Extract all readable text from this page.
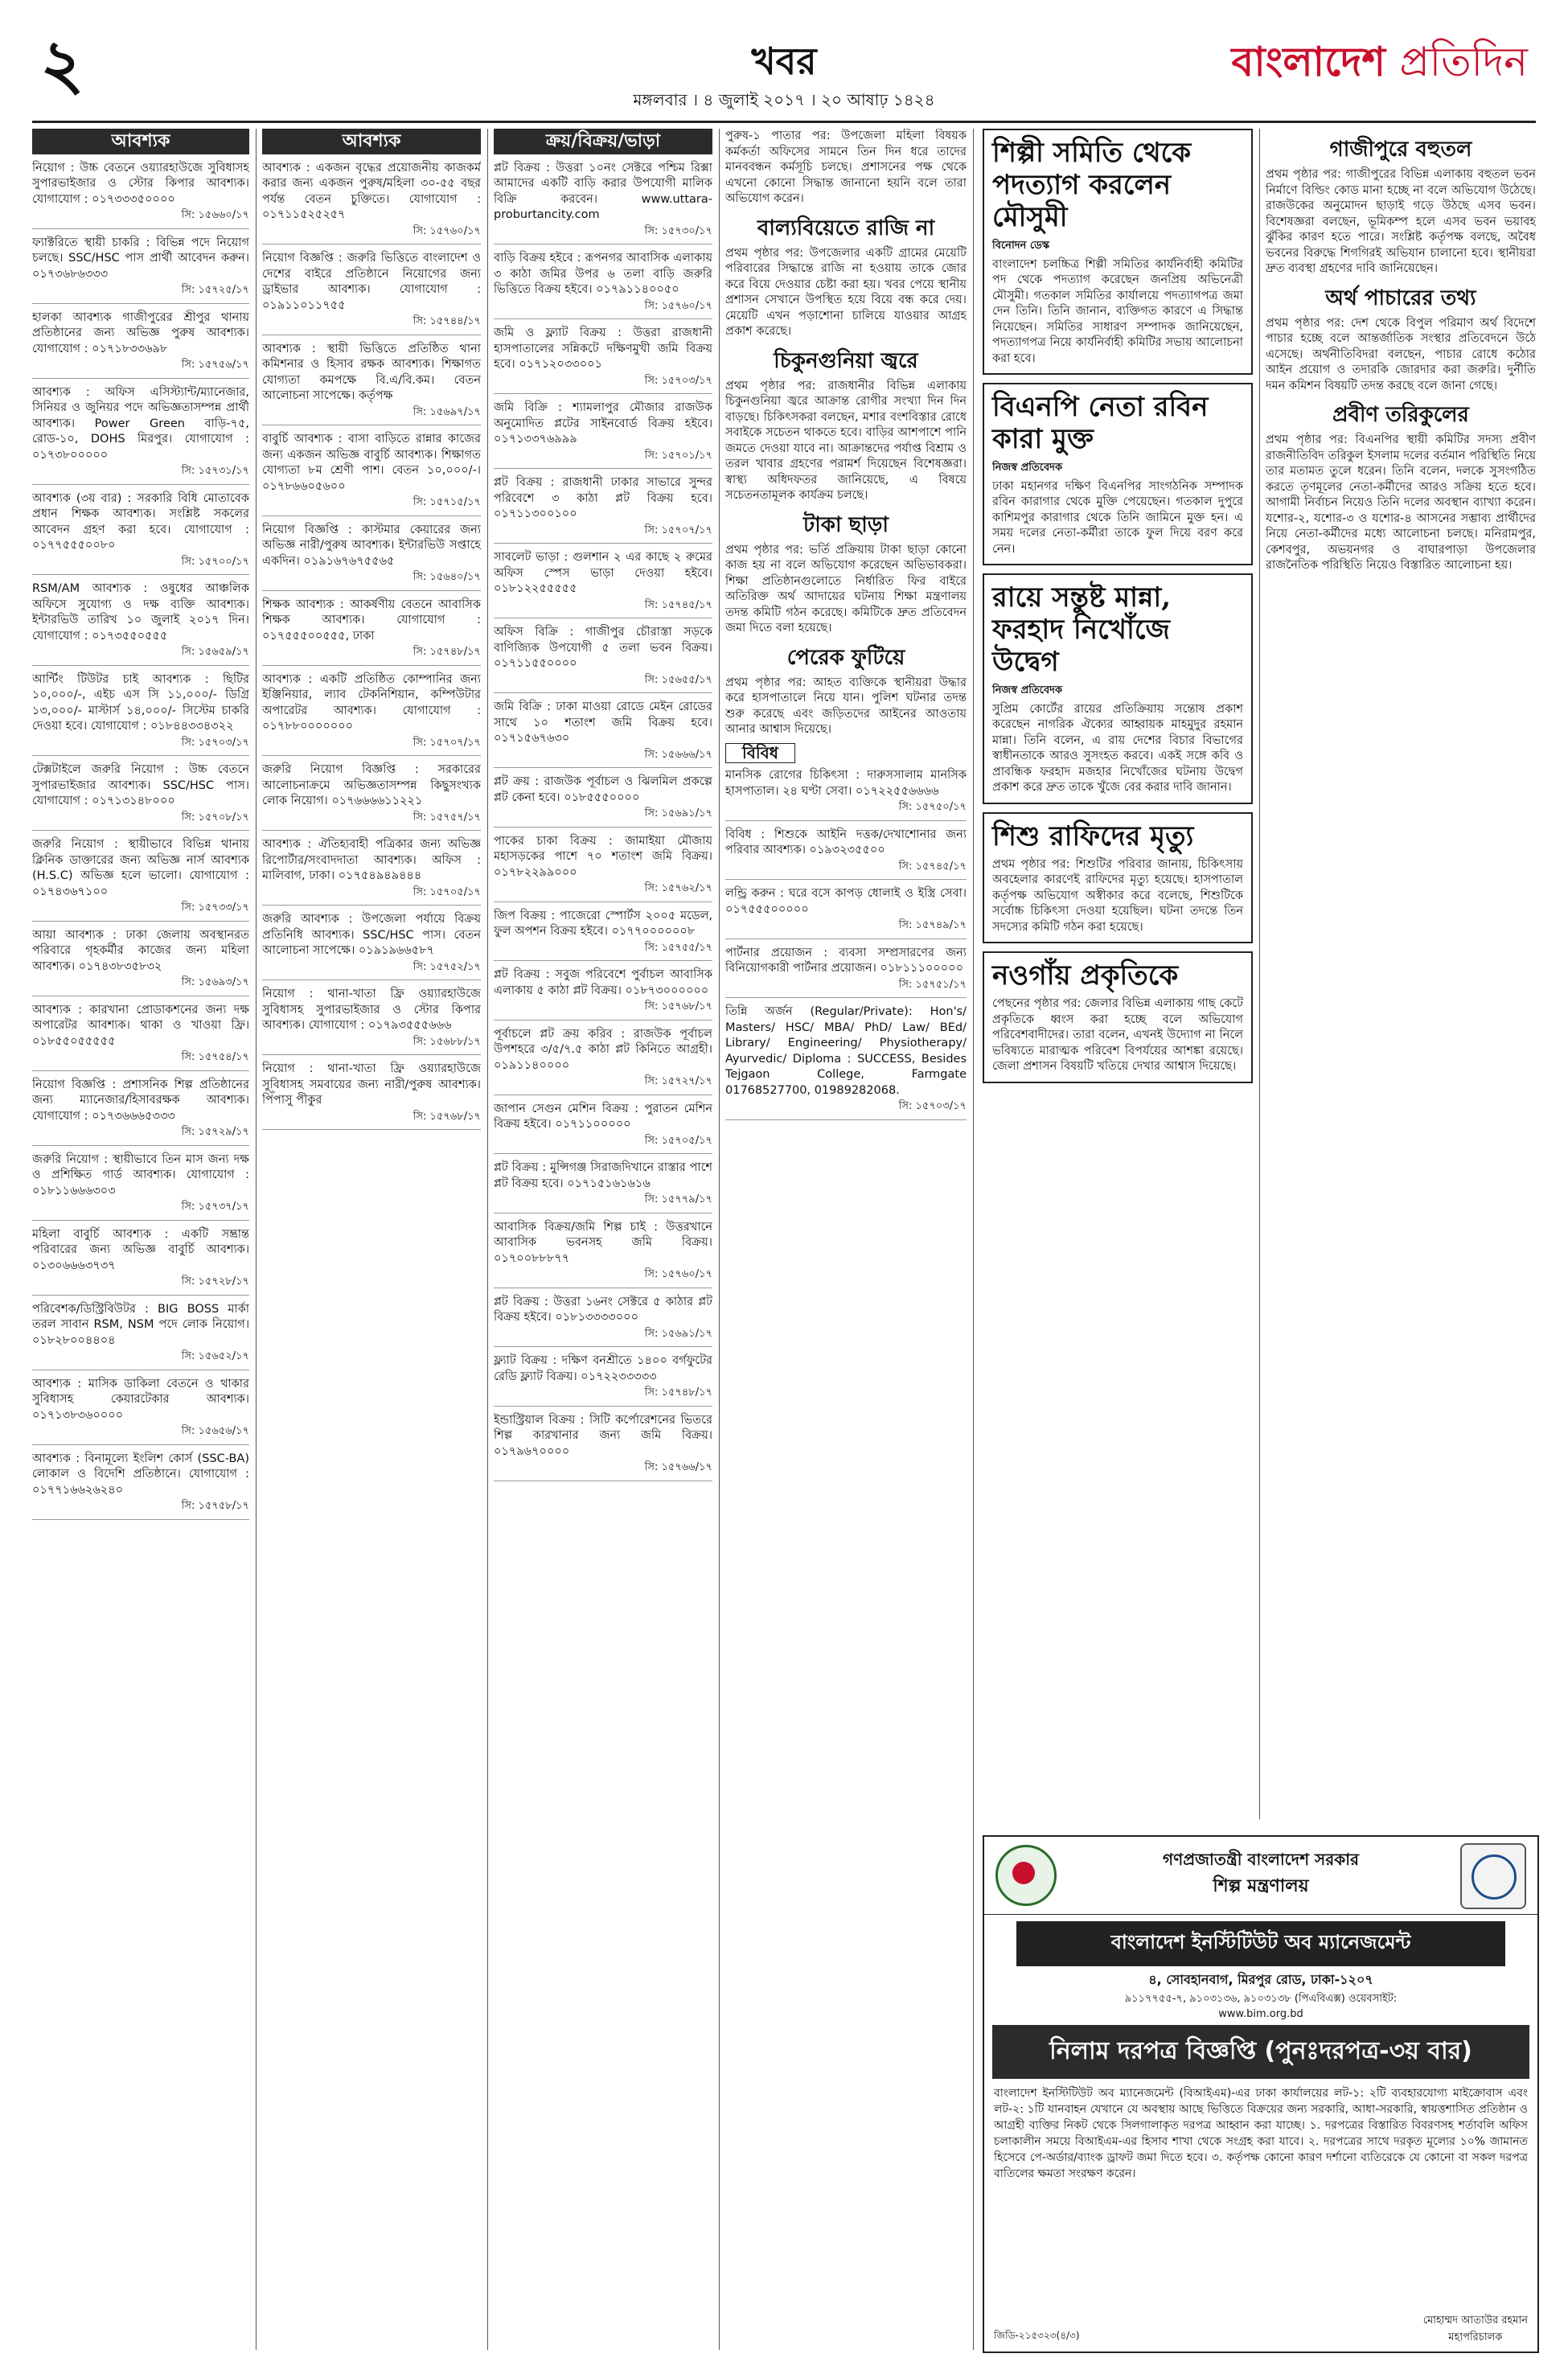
২	খবর
মঙ্গলবার । ৪ জুলাই ২০১৭ । ২০ আষাঢ় ১৪২৪
বাংলাদেশ প্রতিদিন
আবশ্যক
নিয়োগ : উচ্চ বেতনে ওয়্যারহাউজে সুবিধাসহ সুপারভাইজার ও স্টোর কিপার আবশ্যক। যোগাযোগ : ০১৭৩৩৩৫০০০০
সি: ১৫৬৬০/১৭
ফ্যাক্টরিতে স্থায়ী চাকরি : বিভিন্ন পদে নিয়োগ চলছে। SSC/HSC পাস প্রার্থী আবেদন করুন। ০১৭৩৬৮৬৩৩৩
সি: ১৫৭২৫/১৭
হালকা আবশ্যক গাজীপুরের শ্রীপুর থানায় প্রতিষ্ঠানের জন্য অভিজ্ঞ পুরুষ আবশ্যক। যোগাযোগ : ০১৭১৮৩৩৬৯৮
সি: ১৫৭৫৬/১৭
আবশ্যক : অফিস এসিস্ট্যান্ট/ম্যানেজার, সিনিয়র ও জুনিয়র পদে অভিজ্ঞতাসম্পন্ন প্রার্থী আবশ্যক। Power Green বাড়ি-৭৫, রোড-১০, DOHS মিরপুর। যোগাযোগ : ০১৭৩৮০০০০০
সি: ১৫৭৩১/১৭
আবশ্যক (৩য় বার) : সরকারি বিধি মোতাবেক প্রধান শিক্ষক আবশ্যক। সংশ্লিষ্ট সকলের আবেদন গ্রহণ করা হবে। যোগাযোগ : ০১৭৭৫৫৫০০৮০
সি: ১৫৭০০/১৭
RSM/AM আবশ্যক : ওষুধের আঞ্চলিক অফিসে সুযোগ্য ও দক্ষ ব্যক্তি আবশ্যক। ইন্টারভিউ তারিখ ১০ জুলাই ২০১৭ দিন। যোগাযোগ : ০১৭৩৫৫০৫৫৫
সি: ১৫৬৫৯/১৭
আর্ন্টিং টিউটর চাই আবশ্যক : ছিটির ১০,০০০/-, এইচ এস সি ১১,০০০/- ডিগ্রি ১৩,০০০/- মাস্টার্স ১৪,০০০/- সিস্টেম চাকরি দেওয়া হবে। যোগাযোগ : ০১৮৪৪৩৩৪৩২২
সি: ১৫৭০৩/১৭
টেক্সটাইলে জরুরি নিয়োগ : উচ্চ বেতনে সুপারভাইজার আবশ্যক। SSC/HSC পাস। যোগাযোগ : ০১৭১৩১৪৮০০০
সি: ১৫৭০৮/১৭
জরুরি নিয়োগ : স্থায়ীভাবে বিভিন্ন থানায় ক্লিনিক ডাক্তারের জন্য অভিজ্ঞ নার্স আবশ্যক (H.S.C) অভিজ্ঞ হলে ভালো। যোগাযোগ : ০১৭৪৩৬৭১০০
সি: ১৫৭৩৩/১৭
আয়া আবশ্যক : ঢাকা জেলায় অবস্থানরত পরিবারে গৃহকর্মীর কাজের জন্য মহিলা আবশ্যক। ০১৭৪৩৮৩৫৮৩২
সি: ১৫৬৯৩/১৭
আবশ্যক : কারখানা প্রোডাকশনের জন্য দক্ষ অপারেটর আবশ্যক। থাকা ও খাওয়া ফ্রি। ০১৮৫৫০৫৫৫৫৫
সি: ১৫৭৫৪/১৭
নিয়োগ বিজ্ঞপ্তি : প্রশাসনিক শিল্প প্রতিষ্ঠানের জন্য ম্যানেজার/হিসাবরক্ষক আবশ্যক। যোগাযোগ : ০১৭৩৬৬৬৫৩৩৩
সি: ১৫৭২৯/১৭
জরুরি নিয়োগ : স্থায়ীভাবে তিন মাস জন্য দক্ষ ও প্রশিক্ষিত গার্ড আবশ্যক। যোগাযোগ : ০১৮১১৬৬৬৩০৩
সি: ১৫৭৩৭/১৭
মহিলা বাবুর্চি আবশ্যক : একটি সম্ভ্রান্ত পরিবারের জন্য অভিজ্ঞ বাবুর্চি আবশ্যক। ০১৩০৬৬৬৩৭৩৭
সি: ১৫৭২৮/১৭
পরিবেশক/ডিস্ট্রিবিউটর : BIG BOSS মার্কা তরল সাবান RSM, NSM পদে লোক নিয়োগ। ০১৮২৮০০৪৪০৪
সি: ১৫৬৫২/১৭
আবশ্যক : মাসিক ডাকিলা বেতনে ও থাকার সুবিধাসহ কেয়ারটেকার আবশ্যক। ০১৭১৩৮৩৬০০০০
সি: ১৫৬৫৬/১৭
আবশ্যক : বিনামূল্যে ইংলিশ কোর্স (SSC-BA) লোকাল ও বিদেশি প্রতিষ্ঠানে। যোগাযোগ : ০১৭৭১৬৬২৬২৪০
সি: ১৫৭৫৮/১৭
আবশ্যক
আবশ্যক : একজন বৃদ্ধের প্রয়োজনীয় কাজকর্ম করার জন্য একজন পুরুষ/মহিলা ৩০-৫৫ বছর পর্যন্ত বেতন চুক্তিতে। যোগাযোগ : ০১৭১১৫২৫২৫৭
সি: ১৫৭৬০/১৭
নিয়োগ বিজ্ঞপ্তি : জরুরি ভিত্তিতে বাংলাদেশ ও দেশের বাইরে প্রতিষ্ঠানে নিয়োগের জন্য ড্রাইভার আবশ্যক। যোগাযোগ : ০১৯১১০১১৭৫৫
সি: ১৫৭৪৪/১৭
আবশ্যক : স্থায়ী ভিত্তিতে প্রতিষ্ঠিত থানা কমিশনার ও হিসাব রক্ষক আবশ্যক। শিক্ষাগত যোগ্যতা কমপক্ষে বি.এ/বি.কম। বেতন আলোচনা সাপেক্ষে। কর্তৃপক্ষ
সি: ১৫৬৯৭/১৭
বাবুর্চি আবশ্যক : বাসা বাড়িতে রান্নার কাজের জন্য একজন অভিজ্ঞ বাবুর্চি আবশ্যক। শিক্ষাগত যোগ্যতা ৮ম শ্রেণী পাশ। বেতন ১০,০০০/-। ০১৭৮৬৬০৫৬০০
সি: ১৫৭১৫/১৭
নিয়োগ বিজ্ঞপ্তি : কাস্টমার কেয়ারের জন্য অভিজ্ঞ নারী/পুরুষ আবশ্যক। ইন্টারভিউ সপ্তাহে একদিন। ০১৯১৬৭৬৭৫৫৬৫
সি: ১৫৬৪০/১৭
শিক্ষক আবশ্যক : আকর্ষণীয় বেতনে আবাসিক শিক্ষক আবশ্যক। যোগাযোগ : ০১৭৫৫৫০০৫৫৫, ঢাকা
সি: ১৫৭৪৮/১৭
আবশ্যক : একটি প্রতিষ্ঠিত কোম্পানির জন্য ইঞ্জিনিয়ার, ল্যাব টেকনিশিয়ান, কম্পিউটার অপারেটর আবশ্যক। যোগাযোগ : ০১৭৮৮০০০০০০০
সি: ১৫৭০৭/১৭
জরুরি নিয়োগ বিজ্ঞপ্তি : সরকারের আলোচনাক্রমে অভিজ্ঞতাসম্পন্ন কিছুসংখ্যক লোক নিয়োগ। ০১৭৬৬৬৬১১২২১
সি: ১৫৭৫৭/১৭
আবশ্যক : ঐতিহ্যবাহী পত্রিকার জন্য অভিজ্ঞ রিপোর্টার/সংবাদদাতা আবশ্যক। অফিস : মালিবাগ, ঢাকা। ০১৭৫৪৯৪৯৪৪৪
সি: ১৫৭০৫/১৭
জরুরি আবশ্যক : উপজেলা পর্যায়ে বিক্রয় প্রতিনিধি আবশ্যক। SSC/HSC পাস। বেতন আলোচনা সাপেক্ষে। ০১৯১৯৬৬৫৮৭
সি: ১৫৭৫২/১৭
নিয়োগ : থানা-খাতা ফ্রি ওয়্যারহাউজে সুবিধাসহ সুপারভাইজার ও স্টোর কিপার আবশ্যক। যোগাযোগ : ০১৭৯৩৫৫৫৬৬৬
সি: ১৫৬৮৮/১৭
নিয়োগ : থানা-খাতা ফ্রি ওয়্যারহাউজে সুবিধাসহ সমবায়ের জন্য নারী/পুরুষ আবশ্যক। পিঁপাসু পীকুর
সি: ১৫৭৬৮/১৭
ক্রয়/বিক্রয়/ভাড়া
প্লট বিক্রয় : উত্তরা ১০নং সেক্টরে পশ্চিম রিক্সা আমাদের একটি বাড়ি করার উপযোগী মালিক বিক্রি করবেন। www.uttara-proburtancity.com
সি: ১৫৭৩০/১৭
বাড়ি বিক্রয় হইবে : রূপনগর আবাসিক এলাকায় ৩ কাঠা জমির উপর ৬ তলা বাড়ি জরুরি ভিত্তিতে বিক্রয় হইবে। ০১৭৯১১৪০০৫০
সি: ১৫৭৬০/১৭
জমি ও ফ্ল্যাট বিক্রয় : উত্তরা রাজধানী হাসপাতালের সন্নিকটে দক্ষিণমুখী জমি বিক্রয় হবে। ০১৭১২০৩৩০০১
সি: ১৫৭০৩/১৭
জমি বিক্রি : শ্যামলাপুর মৌজার রাজউক অনুমোদিত প্লটের সাইনবোর্ড বিক্রয় হইবে। ০১৭১৩৩৭৬৯৯৯
সি: ১৫৭০১/১৭
প্লট বিক্রয় : রাজধানী ঢাকার সাভারে সুন্দর পরিবেশে ৩ কাঠা প্লট বিক্রয় হবে। ০১৭১১৩০০১০০
সি: ১৫৭০৭/১৭
সাবলেট ভাড়া : গুলশান ২ এর কাছে ২ রুমের অফিস স্পেস ভাড়া দেওয়া হইবে। ০১৮১২২৫৫৫৫৫
সি: ১৫৭৪৫/১৭
অফিস বিক্রি : গাজীপুর চৌরাস্তা সড়কে বাণিজ্যিক উপযোগী ৫ তলা ভবন বিক্রয়। ০১৭১১৫৫০০০০
সি: ১৫৬৫৫/১৭
জমি বিক্রি : ঢাকা মাওয়া রোডে মেইন রোডের সাথে ১০ শতাংশ জমি বিক্রয় হবে। ০১৭১৫৬৭৬৩০
সি: ১৫৬৬৬/১৭
প্লট ক্রয় : রাজউক পূর্বাচল ও ঝিলমিল প্রকল্পে প্লট কেনা হবে। ০১৮৫৫৫০০০০
সি: ১৫৬৯১/১৭
পাকের চাকা বিক্রয় : জামাইয়া মৌজায় মহাসড়কের পাশে ৭০ শতাংশ জমি বিক্রয়। ০১৭৮২২৯৯০০০
সি: ১৫৭৬২/১৭
জিপ বিক্রয় : পাজেরো স্পোর্টস ২০০৫ মডেল, ফুল অপশন বিক্রয় হইবে। ০১৭৭০০০০০০৮
সি: ১৫৭৫৫/১৭
প্লট বিক্রয় : সবুজ পরিবেশে পুর্বাচল আবাসিক এলাকায় ৫ কাঠা প্লট বিক্রয়। ০১৮৭৩০০০০০০
সি: ১৫৭৬৮/১৭
পূর্বাচলে প্লট ক্রয় করিব : রাজউক পূর্বাচল উপশহরে ৩/৫/৭.৫ কাঠা প্লট কিনিতে আগ্রহী। ০১৯১১৪০০০০
সি: ১৫৭২৭/১৭
জাপান সেগুন মেশিন বিক্রয় : পুরাতন মেশিন বিক্রয় হইবে। ০১৭১১০০০০০
সি: ১৫৭০৫/১৭
প্লট বিক্রয় : মুন্সিগঞ্জ সিরাজদিখানে রাস্তার পাশে প্লট বিক্রয় হবে। ০১৭১৫১৬১৬১৬
সি: ১৫৭৭৯/১৭
আবাসিক বিক্রয়/জমি শিল্প চাই : উত্তরখানে আবাসিক ভবনসহ জমি বিক্রয়। ০১৭০০৮৮৮৭৭
সি: ১৫৭৬০/১৭
প্লট বিক্রয় : উত্তরা ১৬নং সেক্টরে ৫ কাঠার প্লট বিক্রয় হইবে। ০১৮১৩৩৩৩০০০
সি: ১৫৬৯১/১৭
ফ্ল্যাট বিক্রয় : দক্ষিণ বনশ্রীতে ১৪০০ বর্গফুটের রেডি ফ্ল্যাট বিক্রয়। ০১৭২২৩৩৩৩৩
সি: ১৫৭৪৮/১৭
ইন্ডাস্ট্রিয়াল বিক্রয় : সিটি কর্পোরেশনের ভিতরে শিল্প কারখানার জন্য জমি বিক্রয়। ০১৭৯৬৭০০০০
সি: ১৫৭৬৬/১৭
পুরুষ-১ পাতার পর: উপজেলা মহিলা বিষয়ক কর্মকর্তা অফিসের সামনে তিন দিন ধরে তাদের মানববন্ধন কর্মসূচি চলছে। প্রশাসনের পক্ষ থেকে এখনো কোনো সিদ্ধান্ত জানানো হয়নি বলে তারা অভিযোগ করেন।
বাল্যবিয়েতে রাজি না
প্রথম পৃষ্ঠার পর: উপজেলার একটি গ্রামের মেয়েটি পরিবারের সিদ্ধান্তে রাজি না হওয়ায় তাকে জোর করে বিয়ে দেওয়ার চেষ্টা করা হয়। খবর পেয়ে স্থানীয় প্রশাসন সেখানে উপস্থিত হয়ে বিয়ে বন্ধ করে দেয়। মেয়েটি এখন পড়াশোনা চালিয়ে যাওয়ার আগ্রহ প্রকাশ করেছে।
চিকুনগুনিয়া জ্বরে
প্রথম পৃষ্ঠার পর: রাজধানীর বিভিন্ন এলাকায় চিকুনগুনিয়া জ্বরে আক্রান্ত রোগীর সংখ্যা দিন দিন বাড়ছে। চিকিৎসকরা বলছেন, মশার বংশবিস্তার রোধে সবাইকে সচেতন থাকতে হবে। বাড়ির আশপাশে পানি জমতে দেওয়া যাবে না। আক্রান্তদের পর্যাপ্ত বিশ্রাম ও তরল খাবার গ্রহণের পরামর্শ দিয়েছেন বিশেষজ্ঞরা। স্বাস্থ্য অধিদফতর জানিয়েছে, এ বিষয়ে সচেতনতামূলক কার্যক্রম চলছে।
টাকা ছাড়া
প্রথম পৃষ্ঠার পর: ভর্তি প্রক্রিয়ায় টাকা ছাড়া কোনো কাজ হয় না বলে অভিযোগ করেছেন অভিভাবকরা। শিক্ষা প্রতিষ্ঠানগুলোতে নির্ধারিত ফির বাইরে অতিরিক্ত অর্থ আদায়ের ঘটনায় শিক্ষা মন্ত্রণালয় তদন্ত কমিটি গঠন করেছে। কমিটিকে দ্রুত প্রতিবেদন জমা দিতে বলা হয়েছে।
পেরেক ফুটিয়ে
প্রথম পৃষ্ঠার পর: আহত ব্যক্তিকে স্থানীয়রা উদ্ধার করে হাসপাতালে নিয়ে যান। পুলিশ ঘটনার তদন্ত শুরু করেছে এবং জড়িতদের আইনের আওতায় আনার আশ্বাস দিয়েছে।
বিবিধ
মানসিক রোগের চিকিৎসা : দারুসসালাম মানসিক হাসপাতাল। ২৪ ঘণ্টা সেবা। ০১৭২২৫৫৬৬৬৬
সি: ১৫৭৫০/১৭
বিবিধ : শিশুকে আইনি দত্তক/দেখাশোনার জন্য পরিবার আবশ্যক। ০১৯৩২৩৫৫০০
সি: ১৫৭৪৫/১৭
লন্ড্রি করুন : ঘরে বসে কাপড় ধোলাই ও ইস্ত্রি সেবা। ০১৭৫৫৫০০০০০
সি: ১৫৭৪৯/১৭
পার্টনার প্রয়োজন : ব্যবসা সম্প্রসারণের জন্য বিনিয়োগকারী পার্টনার প্রয়োজন। ০১৮১১১০০০০০
সি: ১৫৭৫১/১৭
তিন্নি অর্জন (Regular/Private): Hon's/ Masters/ HSC/ MBA/ PhD/ Law/ BEd/ Library/ Engineering/ Physiotherapy/ Ayurvedic/ Diploma : SUCCESS, Besides Tejgaon College, Farmgate 01768527700, 01989282068.
সি: ১৫৭০৩/১৭
শিল্পী সমিতি থেকে পদত্যাগ করলেন মৌসুমী
বিনোদন ডেস্ক
বাংলাদেশ চলচ্চিত্র শিল্পী সমিতির কার্যনির্বাহী কমিটির পদ থেকে পদত্যাগ করেছেন জনপ্রিয় অভিনেত্রী মৌসুমী। গতকাল সমিতির কার্যালয়ে পদত্যাগপত্র জমা দেন তিনি। তিনি জানান, ব্যক্তিগত কারণে এ সিদ্ধান্ত নিয়েছেন। সমিতির সাধারণ সম্পাদক জানিয়েছেন, পদত্যাগপত্র নিয়ে কার্যনির্বাহী কমিটির সভায় আলোচনা করা হবে।
বিএনপি নেতা রবিন কারা মুক্ত
নিজস্ব প্রতিবেদক
ঢাকা মহানগর দক্ষিণ বিএনপির সাংগঠনিক সম্পাদক রবিন কারাগার থেকে মুক্তি পেয়েছেন। গতকাল দুপুরে কাশিমপুর কারাগার থেকে তিনি জামিনে মুক্ত হন। এ সময় দলের নেতা-কর্মীরা তাকে ফুল দিয়ে বরণ করে নেন।
রায়ে সন্তুষ্ট মান্না, ফরহাদ নিখোঁজে উদ্বেগ
নিজস্ব প্রতিবেদক
সুপ্রিম কোর্টের রায়ের প্রতিক্রিয়ায় সন্তোষ প্রকাশ করেছেন নাগরিক ঐক্যের আহ্বায়ক মাহমুদুর রহমান মান্না। তিনি বলেন, এ রায় দেশের বিচার বিভাগের স্বাধীনতাকে আরও সুসংহত করবে। একই সঙ্গে কবি ও প্রাবন্ধিক ফরহাদ মজহার নিখোঁজের ঘটনায় উদ্বেগ প্রকাশ করে দ্রুত তাকে খুঁজে বের করার দাবি জানান।
শিশু রাফিদের মৃত্যু
প্রথম পৃষ্ঠার পর: শিশুটির পরিবার জানায়, চিকিৎসায় অবহেলার কারণেই রাফিদের মৃত্যু হয়েছে। হাসপাতাল কর্তৃপক্ষ অভিযোগ অস্বীকার করে বলেছে, শিশুটিকে সর্বোচ্চ চিকিৎসা দেওয়া হয়েছিল। ঘটনা তদন্তে তিন সদস্যের কমিটি গঠন করা হয়েছে।
নওগাঁয় প্রকৃতিকে
পেছনের পৃষ্ঠার পর: জেলার বিভিন্ন এলাকায় গাছ কেটে প্রকৃতিকে ধ্বংস করা হচ্ছে বলে অভিযোগ পরিবেশবাদীদের। তারা বলেন, এখনই উদ্যোগ না নিলে ভবিষ্যতে মারাত্মক পরিবেশ বিপর্যয়ের আশঙ্কা রয়েছে। জেলা প্রশাসন বিষয়টি খতিয়ে দেখার আশ্বাস দিয়েছে।
গাজীপুরে বহুতল
প্রথম পৃষ্ঠার পর: গাজীপুরের বিভিন্ন এলাকায় বহুতল ভবন নির্মাণে বিল্ডিং কোড মানা হচ্ছে না বলে অভিযোগ উঠেছে। রাজউকের অনুমোদন ছাড়াই গড়ে উঠছে এসব ভবন। বিশেষজ্ঞরা বলছেন, ভূমিকম্প হলে এসব ভবন ভয়াবহ ঝুঁকির কারণ হতে পারে। সংশ্লিষ্ট কর্তৃপক্ষ বলছে, অবৈধ ভবনের বিরুদ্ধে শিগগিরই অভিযান চালানো হবে। স্থানীয়রা দ্রুত ব্যবস্থা গ্রহণের দাবি জানিয়েছেন।
অর্থ পাচারের তথ্য
প্রথম পৃষ্ঠার পর: দেশ থেকে বিপুল পরিমাণ অর্থ বিদেশে পাচার হচ্ছে বলে আন্তর্জাতিক সংস্থার প্রতিবেদনে উঠে এসেছে। অর্থনীতিবিদরা বলছেন, পাচার রোধে কঠোর আইন প্রয়োগ ও তদারকি জোরদার করা জরুরি। দুর্নীতি দমন কমিশন বিষয়টি তদন্ত করছে বলে জানা গেছে।
প্রবীণ তরিকুলের
প্রথম পৃষ্ঠার পর: বিএনপির স্থায়ী কমিটির সদস্য প্রবীণ রাজনীতিবিদ তরিকুল ইসলাম দলের বর্তমান পরিস্থিতি নিয়ে তার মতামত তুলে ধরেন। তিনি বলেন, দলকে সুসংগঠিত করতে তৃণমূলের নেতা-কর্মীদের আরও সক্রিয় হতে হবে। আগামী নির্বাচন নিয়েও তিনি দলের অবস্থান ব্যাখ্যা করেন। যশোর-২, যশোর-৩ ও যশোর-৪ আসনের সম্ভাব্য প্রার্থীদের নিয়ে নেতা-কর্মীদের মধ্যে আলোচনা চলছে। মনিরামপুর, কেশবপুর, অভয়নগর ও বাঘারপাড়া উপজেলার রাজনৈতিক পরিস্থিতি নিয়েও বিস্তারিত আলোচনা হয়।
গণপ্রজাতন্ত্রী বাংলাদেশ সরকার
শিল্প মন্ত্রণালয়
বাংলাদেশ ইনস্টিটিউট অব ম্যানেজমেন্ট
৪, সোবহানবাগ, মিরপুর রোড, ঢাকা-১২০৭
৯১১৭৭৫৫-৭, ৯১০৩১৩৬, ৯১০৩১৩৮ (পিএবিএক্স) ওয়েবসাইট:
www.bim.org.bd
নিলাম দরপত্র বিজ্ঞপ্তি (পুনঃদরপত্র-৩য় বার)
বাংলাদেশ ইনস্টিটিউট অব ম্যানেজমেন্ট (বিআইএম)-এর ঢাকা কার্যালয়ের লট-১: ২টি ব্যবহারযোগ্য মাইক্রোবাস এবং লট-২: ১টি যানবাহন যেখানে যে অবস্থায় আছে ভিত্তিতে বিক্রয়ের জন্য সরকারি, আধা-সরকারি, স্বায়ত্তশাসিত প্রতিষ্ঠান ও আগ্রহী ব্যক্তির নিকট থেকে সিলগালাকৃত দরপত্র আহ্বান করা যাচ্ছে। ১. দরপত্রের বিস্তারিত বিবরণসহ শর্তাবলি অফিস চলাকালীন সময়ে বিআইএম-এর হিসাব শাখা থেকে সংগ্রহ করা যাবে। ২. দরপত্রের সাথে দরকৃত মূল্যের ১০% জামানত হিসেবে পে-অর্ডার/ব্যাংক ড্রাফট জমা দিতে হবে। ৩. কর্তৃপক্ষ কোনো কারণ দর্শানো ব্যতিরেকে যে কোনো বা সকল দরপত্র বাতিলের ক্ষমতা সংরক্ষণ করেন।
জিডি-২১৫৩২৩(৪/৩)
মোহাম্মদ আতাউর রহমান
মহাপরিচালক
